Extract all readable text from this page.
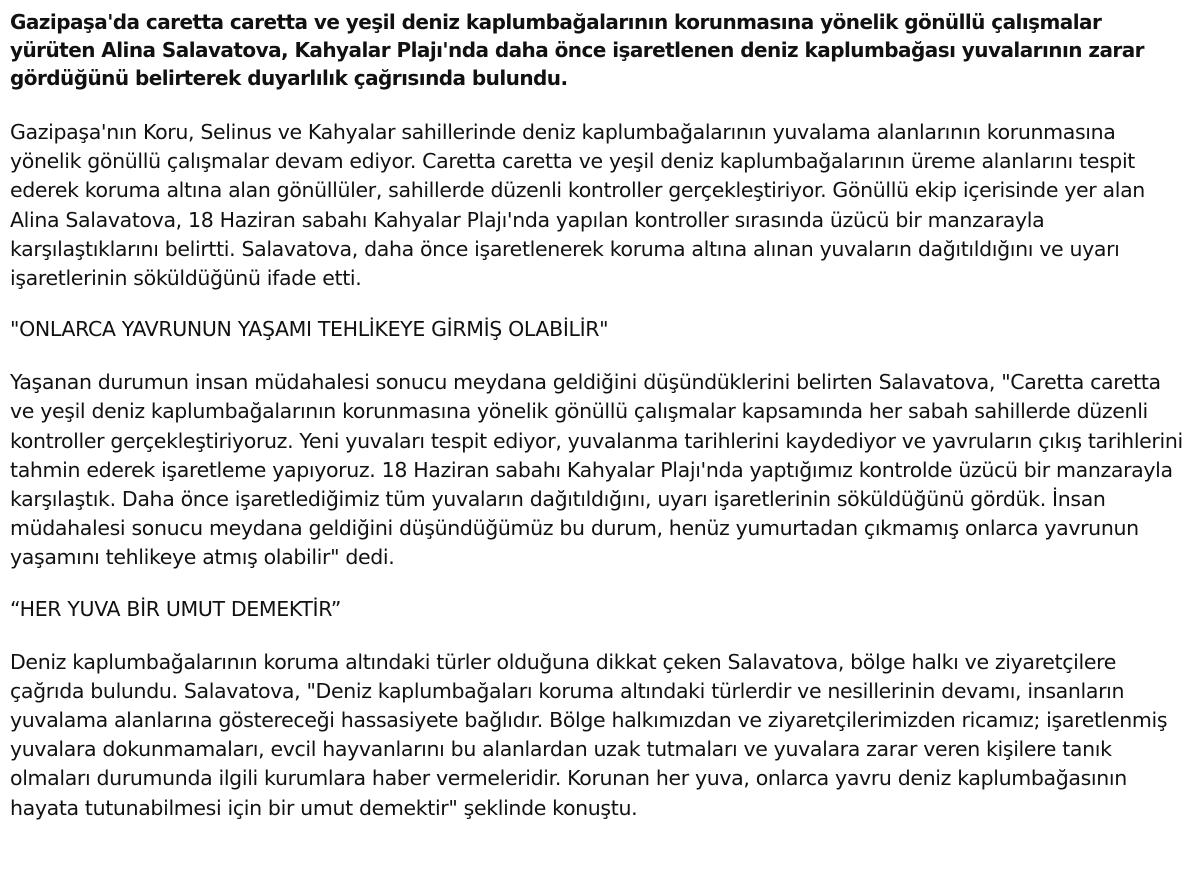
Gazipaşa'da caretta caretta ve yeşil deniz kaplumbağalarının korunmasına yönelik gönüllü çalışmalar yürüten Alina Salavatova, Kahyalar Plajı'nda daha önce işaretlenen deniz kaplumbağası yuvalarının zarar gördüğünü belirterek duyarlılık çağrısında bulundu.

Gazipaşa'nın Koru, Selinus ve Kahyalar sahillerinde deniz kaplumbağalarının yuvalama alanlarının korunmasına yönelik gönüllü çalışmalar devam ediyor. Caretta caretta ve yeşil deniz kaplumbağalarının üreme alanlarını tespit ederek koruma altına alan gönüllüler, sahillerde düzenli kontroller gerçekleştiriyor. Gönüllü ekip içerisinde yer alan Alina Salavatova, 18 Haziran sabahı Kahyalar Plajı'nda yapılan kontroller sırasında üzücü bir manzarayla karşılaştıklarını belirtti. Salavatova, daha önce işaretlenerek koruma altına alınan yuvaların dağıtıldığını ve uyarı işaretlerinin söküldüğünü ifade etti.

"ONLARCA YAVRUNUN YAŞAMI TEHLİKEYE GİRMİŞ OLABİLİR"

Yaşanan durumun insan müdahalesi sonucu meydana geldiğini düşündüklerini belirten Salavatova, "Caretta caretta ve yeşil deniz kaplumbağalarının korunmasına yönelik gönüllü çalışmalar kapsamında her sabah sahillerde düzenli kontroller gerçekleştiriyoruz. Yeni yuvaları tespit ediyor, yuvalanma tarihlerini kaydediyor ve yavruların çıkış tarihlerini tahmin ederek işaretleme yapıyoruz. 18 Haziran sabahı Kahyalar Plajı'nda yaptığımız kontrolde üzücü bir manzarayla karşılaştık. Daha önce işaretlediğimiz tüm yuvaların dağıtıldığını, uyarı işaretlerinin söküldüğünü gördük. İnsan müdahalesi sonucu meydana geldiğini düşündüğümüz bu durum, henüz yumurtadan çıkmamış onlarca yavrunun yaşamını tehlikeye atmış olabilir" dedi.

“HER YUVA BİR UMUT DEMEKTİR”

Deniz kaplumbağalarının koruma altındaki türler olduğuna dikkat çeken Salavatova, bölge halkı ve ziyaretçilere çağrıda bulundu. Salavatova, "Deniz kaplumbağaları koruma altındaki türlerdir ve nesillerinin devamı, insanların yuvalama alanlarına göstereceği hassasiyete bağlıdır. Bölge halkımızdan ve ziyaretçilerimizden ricamız; işaretlenmiş yuvalara dokunmamaları, evcil hayvanlarını bu alanlardan uzak tutmaları ve yuvalara zarar veren kişilere tanık olmaları durumunda ilgili kurumlara haber vermeleridir. Korunan her yuva, onlarca yavru deniz kaplumbağasının hayata tutunabilmesi için bir umut demektir" şeklinde konuştu.
